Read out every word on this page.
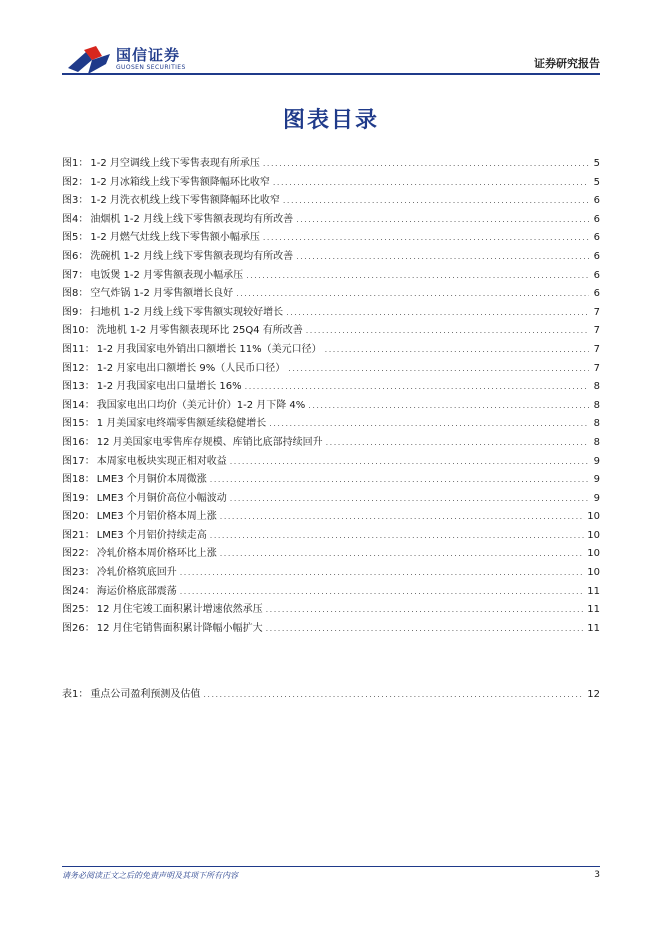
国信证券
GUOSEN SECURITIES	证券研究报告
图表目录
图1： 1-2 月空调线上线下零售表现有所承压 .....	5
图2： 1-2 月冰箱线上线下零售额降幅环比收窄 .....	5
图3： 1-2 月洗衣机线上线下零售额降幅环比收窄 .....	6
图4： 油烟机 1-2 月线上线下零售额表现均有所改善 .....	6
图5： 1-2 月燃气灶线上线下零售额小幅承压 .....	6
图6： 洗碗机 1-2 月线上线下零售额表现均有所改善 .....	6
图7： 电饭煲 1-2 月零售额表现小幅承压 .....	6
图8： 空气炸锅 1-2 月零售额增长良好 .....	6
图9： 扫地机 1-2 月线上线下零售额实现较好增长 .....	7
图10： 洗地机 1-2 月零售额表现环比 25Q4 有所改善 .....	7
图11： 1-2 月我国家电外销出口额增长 11%（美元口径） .....	7
图12： 1-2 月家电出口额增长 9%（人民币口径） .....	7
图13： 1-2 月我国家电出口量增长 16% .....	8
图14： 我国家电出口均价（美元计价）1-2 月下降 4% .....	8
图15： 1 月美国家电终端零售额延续稳健增长 .....	8
图16： 12 月美国家电零售库存规模、库销比底部持续回升 .....	8
图17： 本周家电板块实现正相对收益 .....	9
图18： LME3 个月铜价本周微涨 .....	9
图19： LME3 个月铜价高位小幅波动 .....	9
图20： LME3 个月铝价格本周上涨 .....	10
图21： LME3 个月铝价持续走高 .....	10
图22： 冷轧价格本周价格环比上涨 .....	10
图23： 冷轧价格筑底回升 .....	10
图24： 海运价格底部震荡 .....	11
图25： 12 月住宅竣工面积累计增速依然承压 .....	11
图26： 12 月住宅销售面积累计降幅小幅扩大 .....	11
表1： 重点公司盈利预测及估值 .....	12
请务必阅读正文之后的免责声明及其项下所有内容	3
